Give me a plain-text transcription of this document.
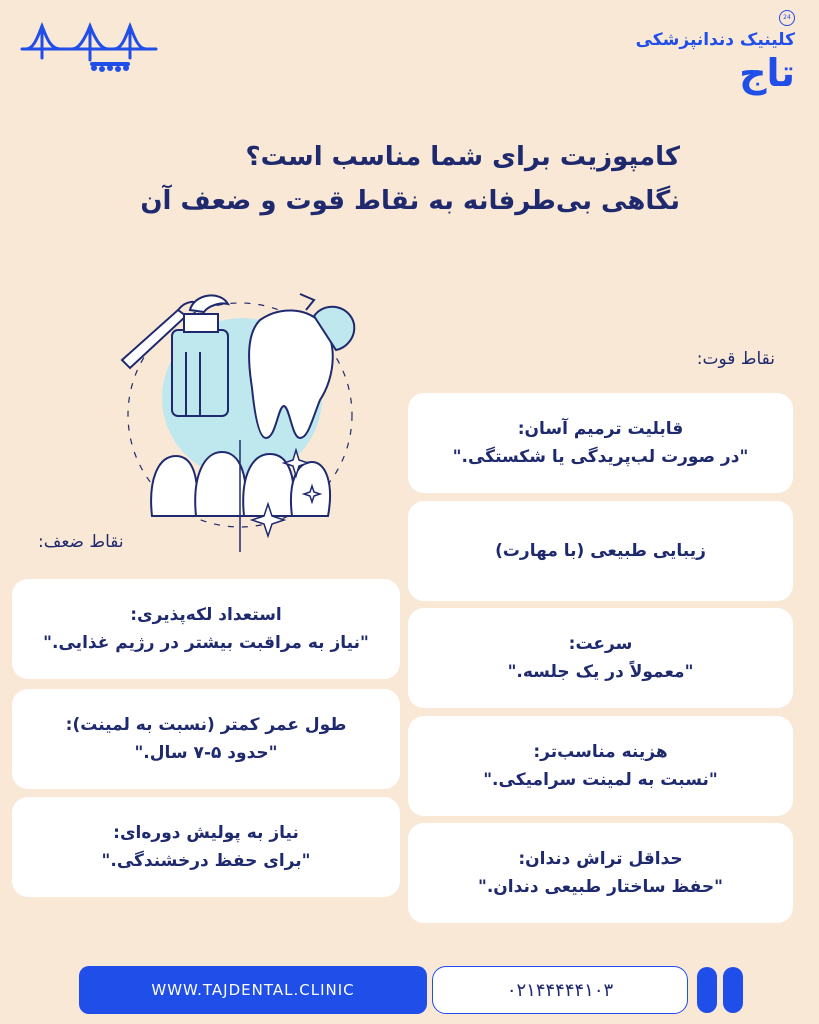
24
کلینیک دندانپزشکی
تاج
کامپوزیت برای شما مناسب است؟
نگاهی بی‌طرفانه به نقاط قوت و ضعف آن
نقاط قوت:
نقاط ضعف:
قابلیت ترمیم آسان:
"در صورت لب‌پریدگی یا شکستگی."
زیبایی طبیعی (با مهارت)
سرعت:
"معمولاً در یک جلسه."
هزینه مناسب‌تر:
"نسبت به لمینت سرامیکی."
حداقل تراش دندان:
"حفظ ساختار طبیعی دندان."
استعداد لکه‌پذیری:
"نیاز به مراقبت بیشتر در رژیم غذایی."
طول عمر کمتر (نسبت به لمینت):
"حدود ۵-۷ سال."
نیاز به پولیش دوره‌ای:
"برای حفظ درخشندگی."
WWW.TAJDENTAL.CLINIC	۰۲۱۴۴۴۴۴۱۰۳
